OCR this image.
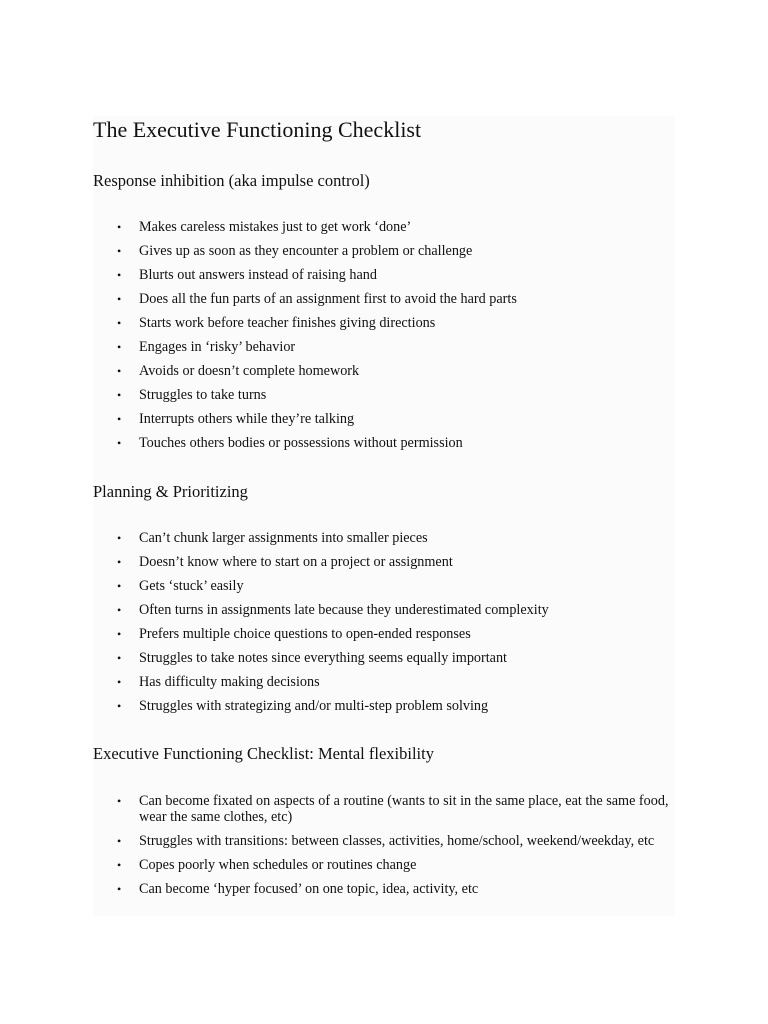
The Executive Functioning Checklist
Response inhibition (aka impulse control)
• Makes careless mistakes just to get work ‘done’
• Gives up as soon as they encounter a problem or challenge
• Blurts out answers instead of raising hand
• Does all the fun parts of an assignment first to avoid the hard parts
• Starts work before teacher finishes giving directions
• Engages in ‘risky’ behavior
• Avoids or doesn’t complete homework
• Struggles to take turns
• Interrupts others while they’re talking
• Touches others bodies or possessions without permission
Planning & Prioritizing
• Can’t chunk larger assignments into smaller pieces
• Doesn’t know where to start on a project or assignment
• Gets ‘stuck’ easily
• Often turns in assignments late because they underestimated complexity
• Prefers multiple choice questions to open-ended responses
• Struggles to take notes since everything seems equally important
• Has difficulty making decisions
• Struggles with strategizing and/or multi-step problem solving
Executive Functioning Checklist: Mental flexibility
• Can become fixated on aspects of a routine (wants to sit in the same place, eat the same food, wear the same clothes, etc)
• Struggles with transitions: between classes, activities, home/school, weekend/weekday, etc
• Copes poorly when schedules or routines change
• Can become ‘hyper focused’ on one topic, idea, activity, etc
